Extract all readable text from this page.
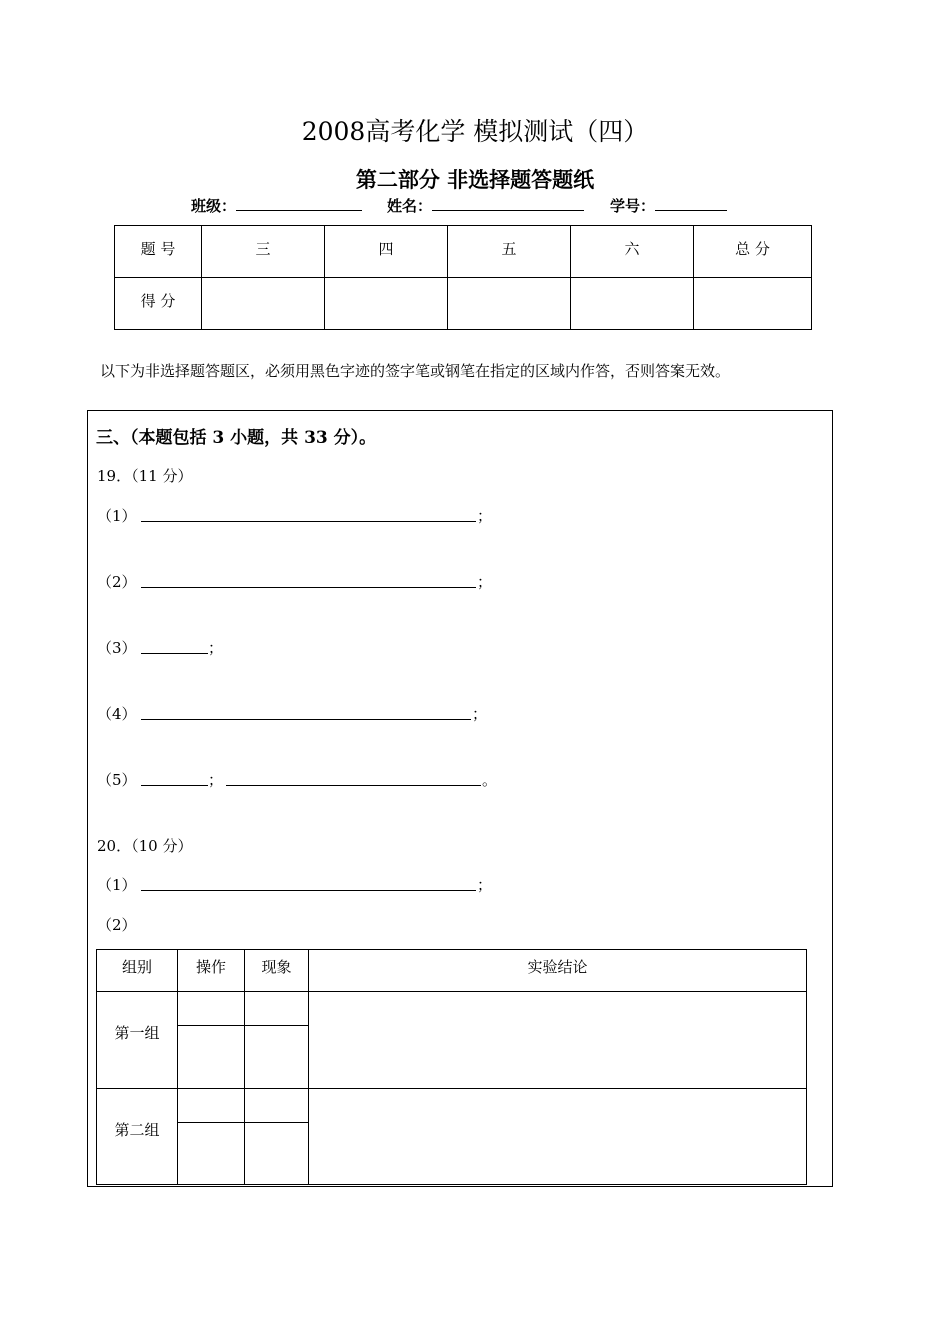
2008高考化学 模拟测试（四）
第二部分 非选择题答题纸
班级：	姓名：	学号：
题 号	三	四	五	六	总 分
得 分					
以下为非选择题答题区，必须用黑色字迹的签字笔或钢笔在指定的区域内作答，否则答案无效。
三、（本题包括 3 小题，共 33 分）。
19．（11 分）
（1）	；
（2）	；
（3）	；
（4）	；
（5）	；	。
20．（10 分）
（1）	；
（2）
组别	操作	现象	实验结论
第一组			

第二组			
